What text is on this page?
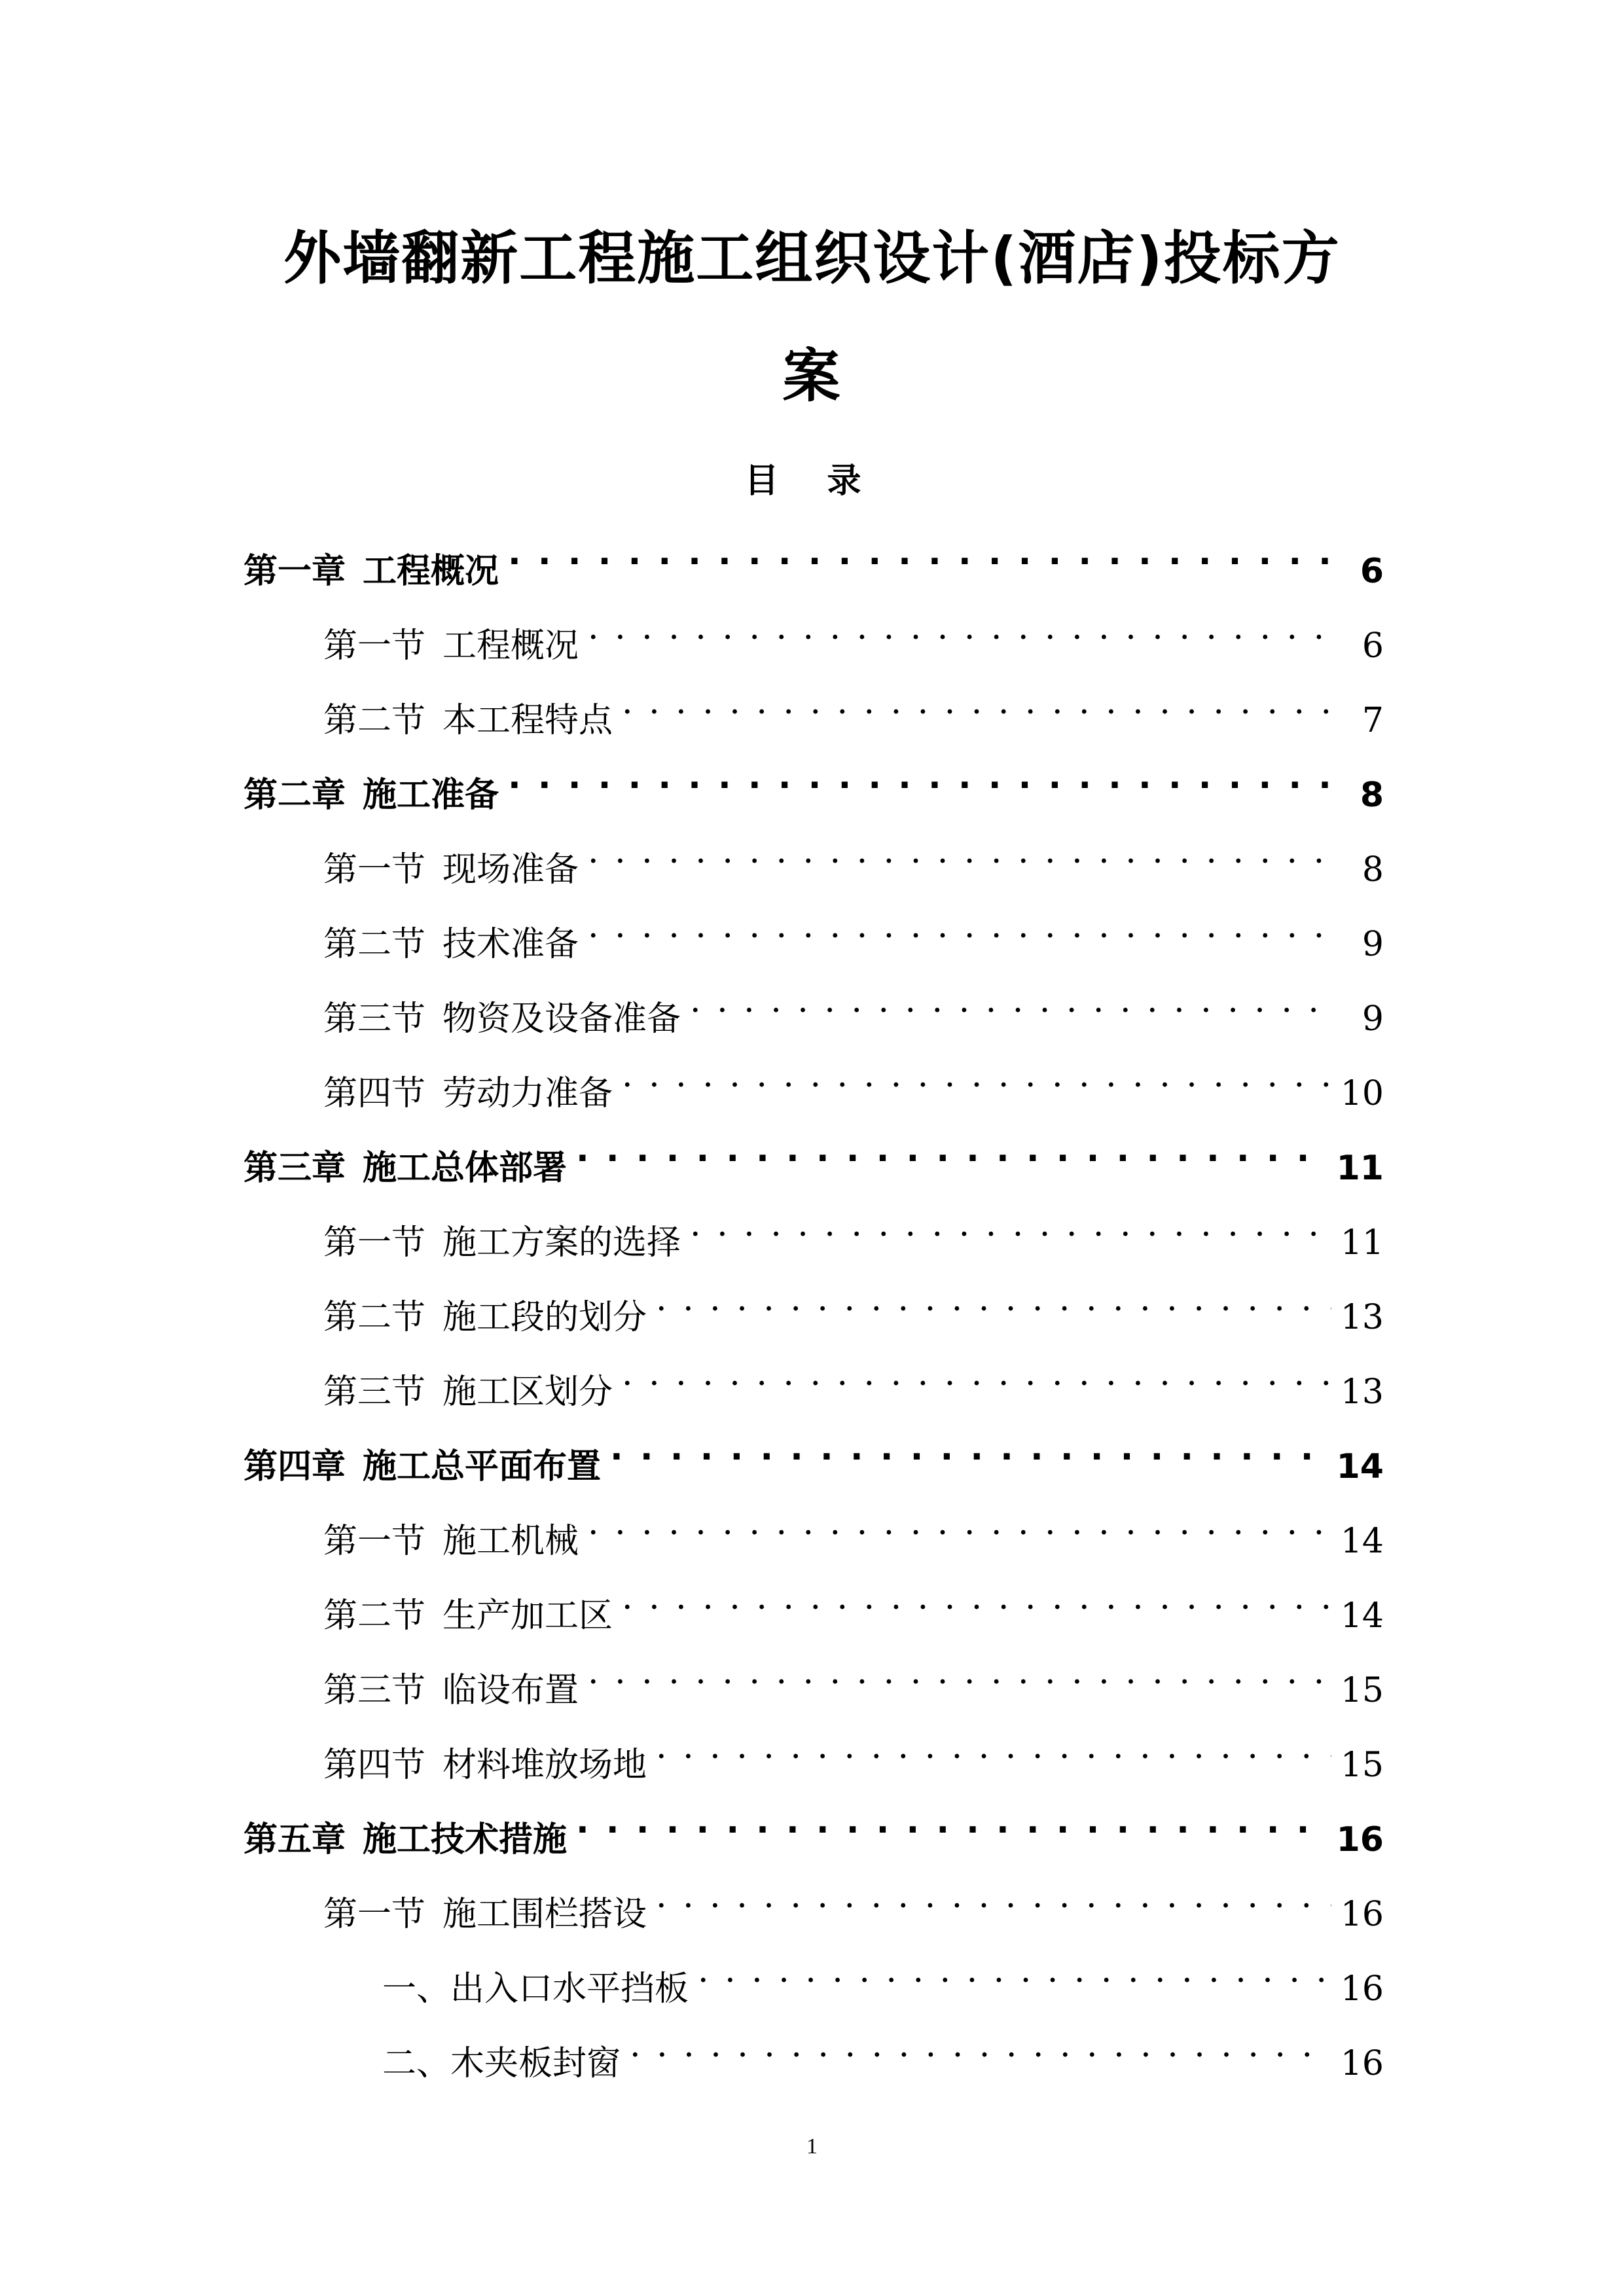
外墙翻新工程施工组织设计(酒店)投标方
案
目 录
第一章 工程概况 . . .	6
第一节 工程概况 . . .	6
第二节 本工程特点 . . .	7
第二章 施工准备 . . .	8
第一节 现场准备 . . .	8
第二节 技术准备 . . .	9
第三节 物资及设备准备 . . .	9
第四节 劳动力准备 . . .	10
第三章 施工总体部署 . . .	11
第一节 施工方案的选择 . . .	11
第二节 施工段的划分 . . .	13
第三节 施工区划分 . . .	13
第四章 施工总平面布置 . . .	14
第一节 施工机械 . . .	14
第二节 生产加工区 . . .	14
第三节 临设布置 . . .	15
第四节 材料堆放场地 . . .	15
第五章 施工技术措施 . . .	16
第一节 施工围栏搭设 . . .	16
一、出入口水平挡板 . . .	16
二、木夹板封窗 . . .	16
1
